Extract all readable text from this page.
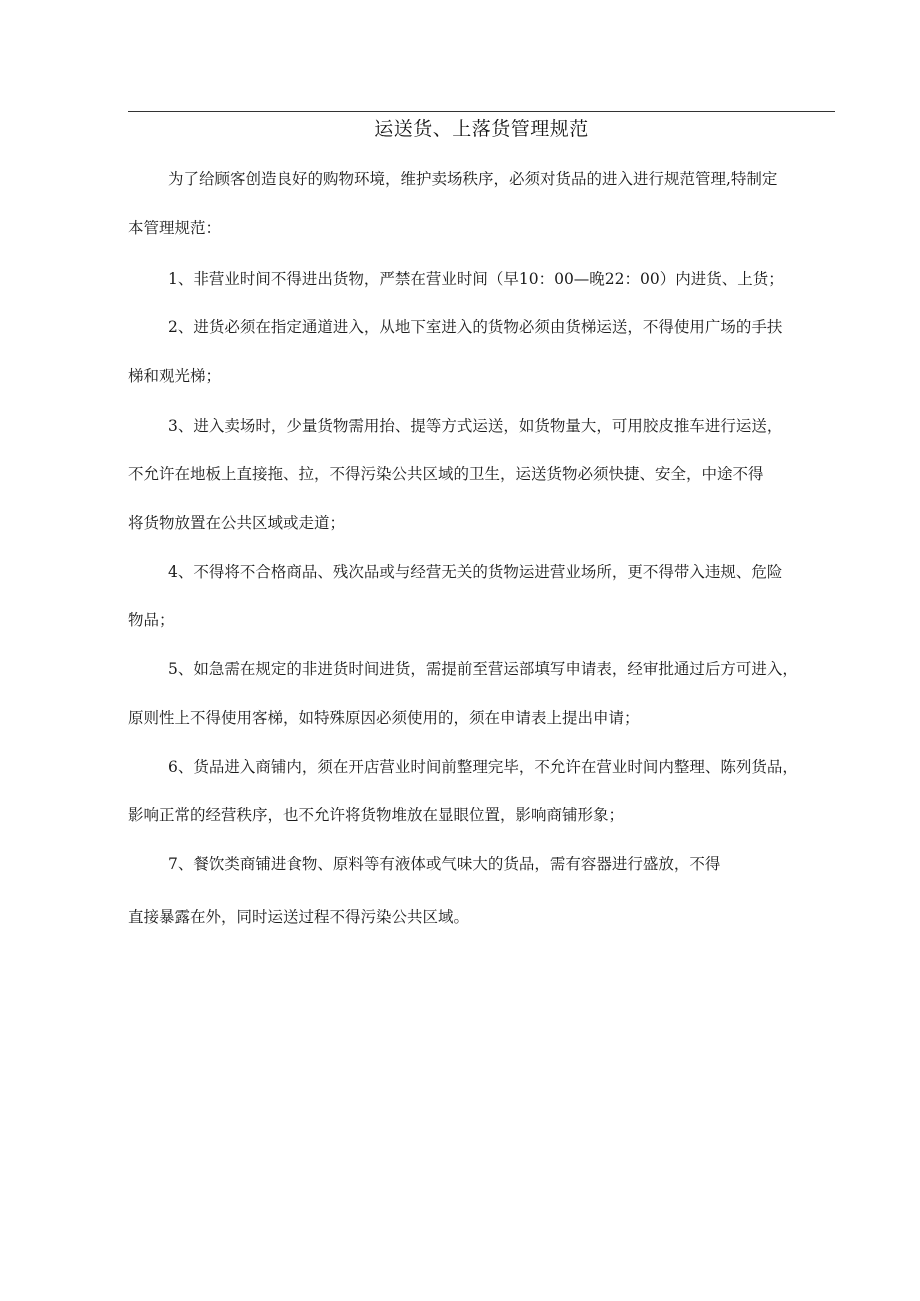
运送货、上落货管理规范
为了给顾客创造良好的购物环境，维护卖场秩序，必须对货品的进入进行规范管理,特制定
本管理规范：
1、非营业时间不得进出货物，严禁在营业时间（早10：00—晚22：00）内进货、上货；
2、进货必须在指定通道进入，从地下室进入的货物必须由货梯运送，不得使用广场的手扶
梯和观光梯；
3、进入卖场时，少量货物需用抬、提等方式运送，如货物量大，可用胶皮推车进行运送，
不允许在地板上直接拖、拉，不得污染公共区域的卫生，运送货物必须快捷、安全，中途不得
将货物放置在公共区域或走道；
4、不得将不合格商品、残次品或与经营无关的货物运进营业场所，更不得带入违规、危险
物品；
5、如急需在规定的非进货时间进货，需提前至营运部填写申请表，经审批通过后方可进入，
原则性上不得使用客梯，如特殊原因必须使用的，须在申请表上提出申请；
6、货品进入商铺内，须在开店营业时间前整理完毕，不允许在营业时间内整理、陈列货品，
影响正常的经营秩序，也不允许将货物堆放在显眼位置，影响商铺形象；
7、餐饮类商铺进食物、原料等有液体或气味大的货品，需有容器进行盛放，不得
直接暴露在外，同时运送过程不得污染公共区域。
